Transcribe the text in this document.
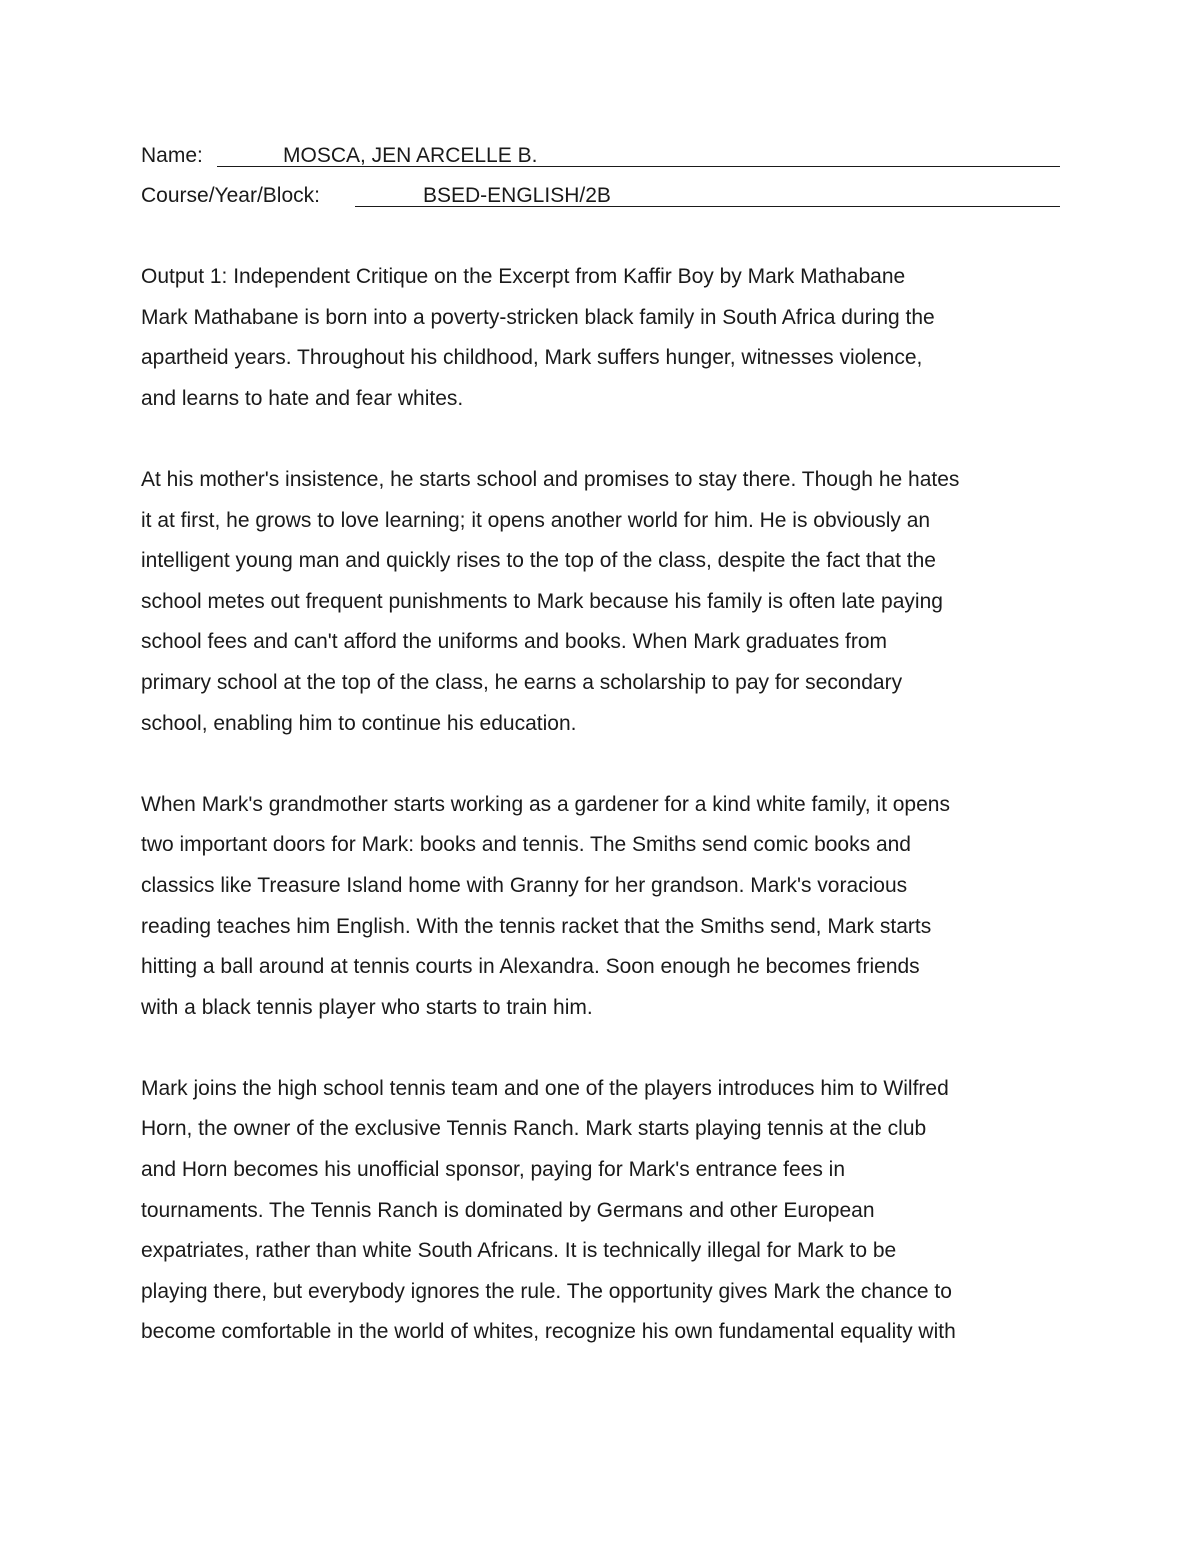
Name:	MOSCA, JEN ARCELLE B.
Course/Year/Block:	BSED-ENGLISH/2B
Output 1: Independent Critique on the Excerpt from Kaffir Boy by Mark Mathabane
Mark Mathabane is born into a poverty-stricken black family in South Africa during the
apartheid years. Throughout his childhood, Mark suffers hunger, witnesses violence,
and learns to hate and fear whites.
At his mother's insistence, he starts school and promises to stay there. Though he hates
it at first, he grows to love learning; it opens another world for him. He is obviously an
intelligent young man and quickly rises to the top of the class, despite the fact that the
school metes out frequent punishments to Mark because his family is often late paying
school fees and can't afford the uniforms and books. When Mark graduates from
primary school at the top of the class, he earns a scholarship to pay for secondary
school, enabling him to continue his education.
When Mark's grandmother starts working as a gardener for a kind white family, it opens
two important doors for Mark: books and tennis. The Smiths send comic books and
classics like Treasure Island home with Granny for her grandson. Mark's voracious
reading teaches him English. With the tennis racket that the Smiths send, Mark starts
hitting a ball around at tennis courts in Alexandra. Soon enough he becomes friends
with a black tennis player who starts to train him.
Mark joins the high school tennis team and one of the players introduces him to Wilfred
Horn, the owner of the exclusive Tennis Ranch. Mark starts playing tennis at the club
and Horn becomes his unofficial sponsor, paying for Mark's entrance fees in
tournaments. The Tennis Ranch is dominated by Germans and other European
expatriates, rather than white South Africans. It is technically illegal for Mark to be
playing there, but everybody ignores the rule. The opportunity gives Mark the chance to
become comfortable in the world of whites, recognize his own fundamental equality with
